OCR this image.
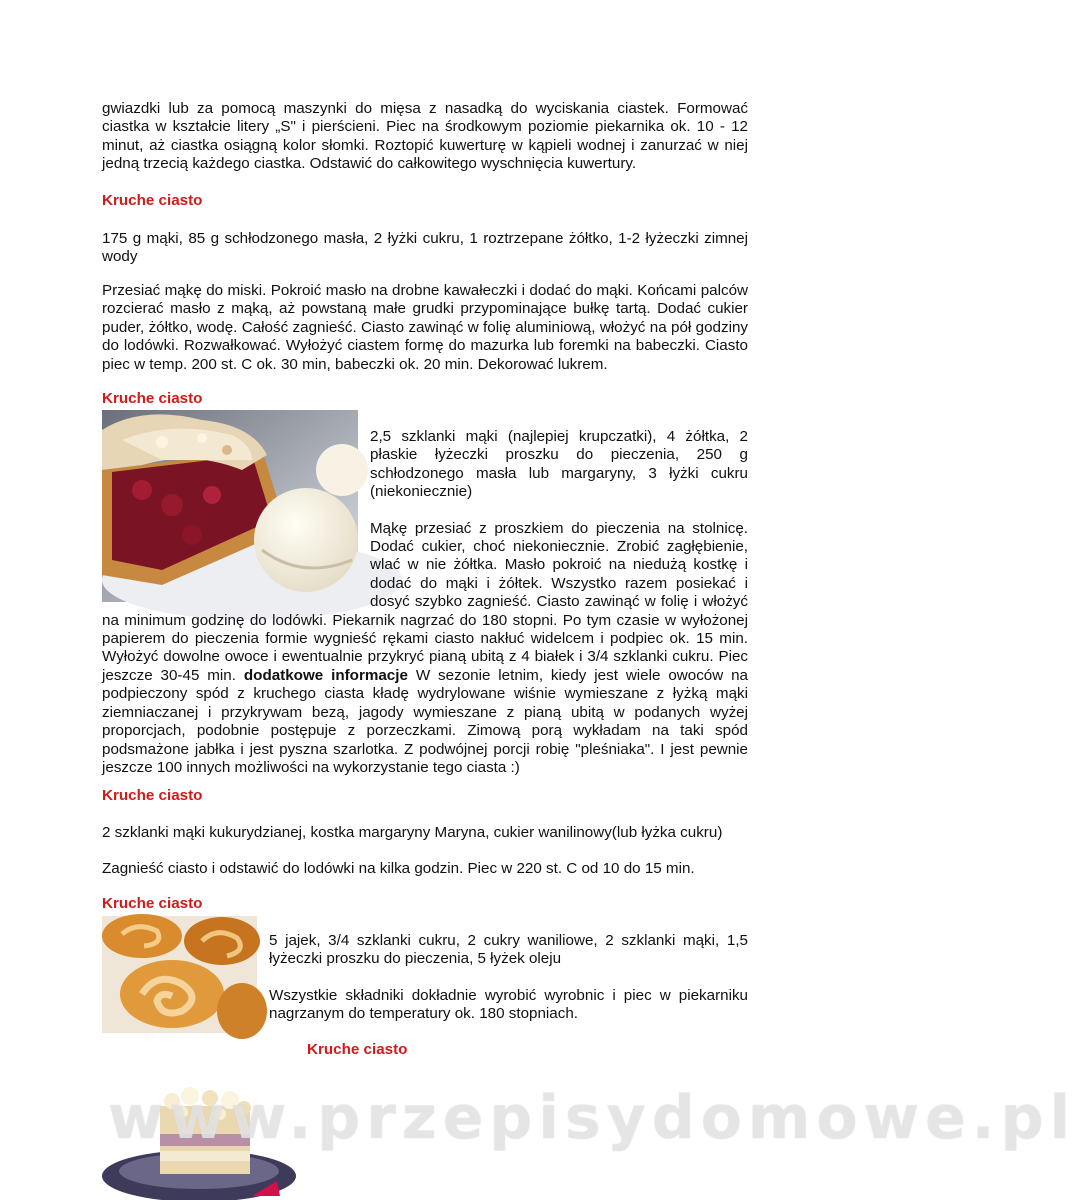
gwiazdki lub za pomocą maszynki do mięsa z nasadką do wyciskania ciastek. Formować ciastka w kształcie litery „S" i pierścieni. Piec na środkowym poziomie piekarnika ok. 10 - 12 minut, aż ciastka osiągną kolor słomki. Roztopić kuwerturę w kąpieli wodnej i zanurzać w niej jedną trzecią każdego ciastka. Odstawić do całkowitego wyschnięcia kuwertury.

Kruche ciasto

175 g mąki, 85 g schłodzonego masła, 2 łyżki cukru, 1 roztrzepane żółtko, 1-2 łyżeczki zimnej wody

Przesiać mąkę do miski. Pokroić masło na drobne kawałeczki i dodać do mąki. Końcami palców rozcierać masło z mąką, aż powstaną małe grudki przypominające bułkę tartą. Dodać cukier puder, żółtko, wodę. Całość zagnieść. Ciasto zawinąć w folię aluminiową, włożyć na pół godziny do lodówki. Rozwałkować. Wyłożyć ciastem formę do mazurka lub foremki na babeczki. Ciasto piec w temp. 200 st. C ok. 30 min, babeczki ok. 20 min. Dekorować lukrem.

Kruche ciasto

2,5 szklanki mąki (najlepiej krupczatki), 4 żółtka, 2 płaskie łyżeczki proszku do pieczenia, 250 g schłodzonego masła lub margaryny, 3 łyżki cukru (niekoniecznie)

Mąkę przesiać z proszkiem do pieczenia na stolnicę. Dodać cukier, choć niekoniecznie. Zrobić zagłębienie, wlać w nie żółtka. Masło pokroić na niedużą kostkę i dodać do mąki i żółtek. Wszystko razem posiekać i dosyć szybko zagnieść. Ciasto zawinąć w folię i włożyć na minimum godzinę do lodówki. Piekarnik nagrzać do 180 stopni. Po tym czasie w wyłożonej papierem do pieczenia formie wygnieść rękami ciasto nakłuć widelcem i podpiec ok. 15 min. Wyłożyć dowolne owoce i ewentualnie przykryć pianą ubitą z 4 białek i 3/4 szklanki cukru. Piec jeszcze 30-45 min. dodatkowe informacje W sezonie letnim, kiedy jest wiele owoców na podpieczony spód z kruchego ciasta kładę wydrylowane wiśnie wymieszane z łyżką mąki ziemniaczanej i przykrywam bezą, jagody wymieszane z pianą ubitą w podanych wyżej proporcjach, podobnie postępuje z porzeczkami. Zimową porą wykładam na taki spód podsmażone jabłka i jest pyszna szarlotka. Z podwójnej porcji robię "pleśniaka". I jest pewnie jeszcze 100 innych możliwości na wykorzystanie tego ciasta :)

Kruche ciasto

2 szklanki mąki kukurydzianej, kostka margaryny Maryna, cukier wanilinowy(lub łyżka cukru)

Zagnieść ciasto i odstawić do lodówki na kilka godzin. Piec w 220 st. C od 10 do 15 min.

Kruche ciasto

5 jajek, 3/4 szklanki cukru, 2 cukry waniliowe, 2 szklanki mąki, 1,5 łyżeczki proszku do pieczenia, 5 łyżek oleju

Wszystkie składniki dokładnie wyrobić wyrobnic i piec w piekarniku nagrzanym do temperatury ok. 180 stopniach.

Kruche ciasto
www.przepisydomowe.pl
